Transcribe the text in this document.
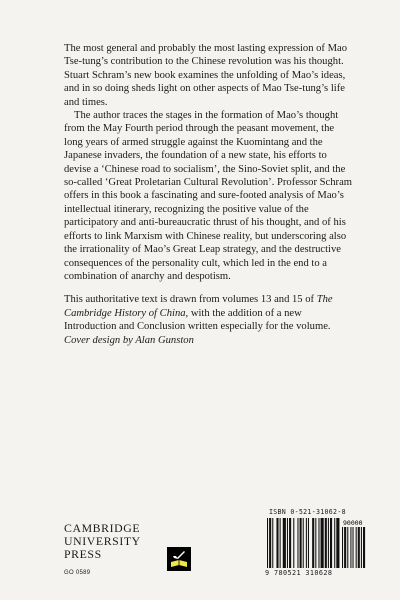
The most general and probably the most lasting expression of Mao Tse-tung’s contribution to the Chinese revolution was his thought. Stuart Schram’s new book examines the unfolding of Mao’s ideas, and in so doing sheds light on other aspects of Mao Tse-tung’s life and times.

The author traces the stages in the formation of Mao’s thought from the May Fourth period through the peasant movement, the long years of armed struggle against the Kuomintang and the Japanese invaders, the foundation of a new state, his efforts to devise a ‘Chinese road to socialism’, the Sino-Soviet split, and the so-called ‘Great Proletarian Cultural Revolution’. Professor Schram offers in this book a fascinating and sure-footed analysis of Mao’s intellectual itinerary, recognizing the positive value of the participatory and anti-bureaucratic thrust of his thought, and of his efforts to link Marxism with Chinese reality, but underscoring also the irrationality of Mao’s Great Leap strategy, and the destructive consequences of the personality cult, which led in the end to a combination of anarchy and despotism.

This authoritative text is drawn from volumes 13 and 15 of The Cambridge History of China, with the addition of a new Introduction and Conclusion written especially for the volume.

Cover design by Alan Gunston

CAMBRIDGE
UNIVERSITY
PRESS
GO 0589
ISBN 0-521-31062-8
90000
9 780521 310628
